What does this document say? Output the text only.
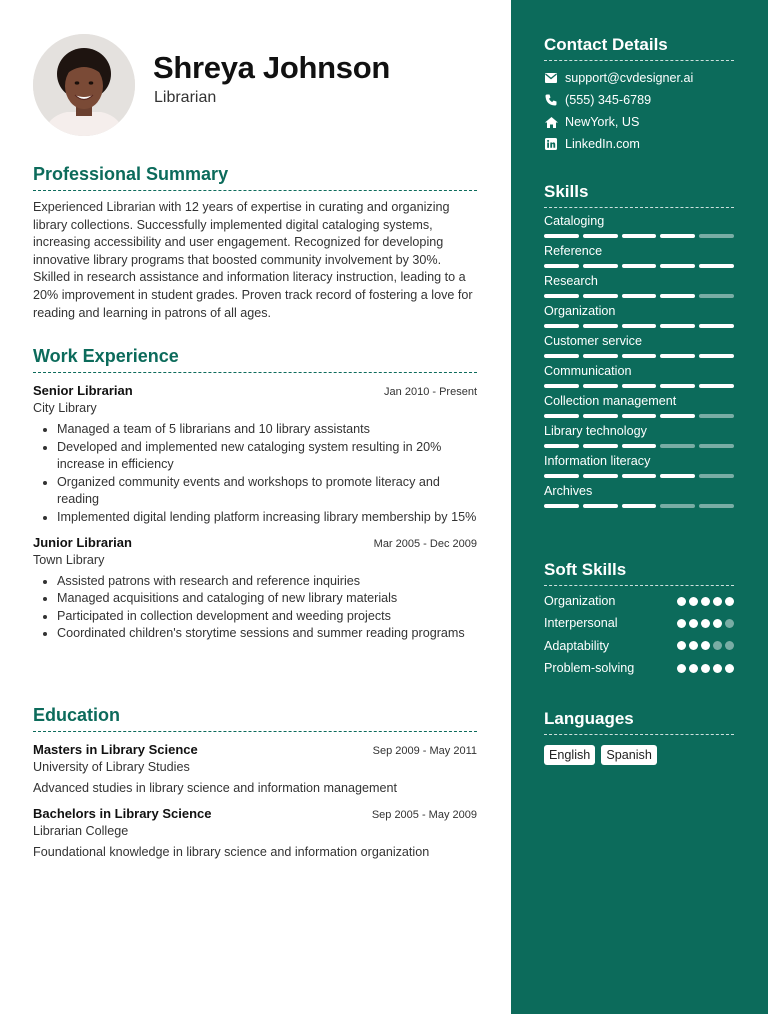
Shreya Johnson
Librarian
Professional Summary
Experienced Librarian with 12 years of expertise in curating and organizing library collections. Successfully implemented digital cataloging systems, increasing accessibility and user engagement. Recognized for developing innovative library programs that boosted community involvement by 30%. Skilled in research assistance and information literacy instruction, leading to a 20% improvement in student grades. Proven track record of fostering a love for reading and learning in patrons of all ages.
Work Experience
Senior Librarian	Jan 2010 - Present
City Library
• Managed a team of 5 librarians and 10 library assistants
• Developed and implemented new cataloging system resulting in 20% increase in efficiency
• Organized community events and workshops to promote literacy and reading
• Implemented digital lending platform increasing library membership by 15%
Junior Librarian	Mar 2005 - Dec 2009
Town Library
• Assisted patrons with research and reference inquiries
• Managed acquisitions and cataloging of new library materials
• Participated in collection development and weeding projects
• Coordinated children's storytime sessions and summer reading programs
Education
Masters in Library Science	Sep 2009 - May 2011
University of Library Studies
Advanced studies in library science and information management
Bachelors in Library Science	Sep 2005 - May 2009
Librarian College
Foundational knowledge in library science and information organization
Contact Details
support@cvdesigner.ai
(555) 345-6789
NewYork, US
LinkedIn.com
Skills
Cataloging
Reference
Research
Organization
Customer service
Communication
Collection management
Library technology
Information literacy
Archives
Soft Skills
Organization
Interpersonal
Adaptability
Problem-solving
Languages
English	Spanish
